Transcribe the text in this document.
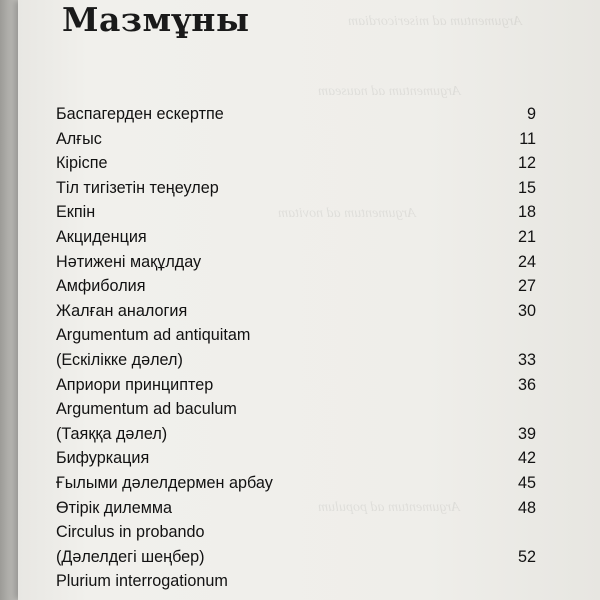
Argumentum ad misericordiam
Argumentum ad nauseam
Argumentum ad novitam
Argumentum ad populum
Мазмұны
Баспагерден ескертпе	9
Алғыс	11
Кіріспе	12
Тіл тигізетін теңеулер	15
Екпін	18
Акциденция	21
Нәтижені мақұлдау	24
Амфиболия	27
Жалған аналогия	30
Argumentum ad antiquitam
(Ескілікке дәлел)	33
Априори принциптер	36
Argumentum ad baculum
(Таяққа дәлел)	39
Бифуркация	42
Ғылыми дәлелдермен арбау	45
Өтірік дилемма	48
Circulus in probando
(Дәлелдегі шеңбер)	52
Plurium interrogationum
